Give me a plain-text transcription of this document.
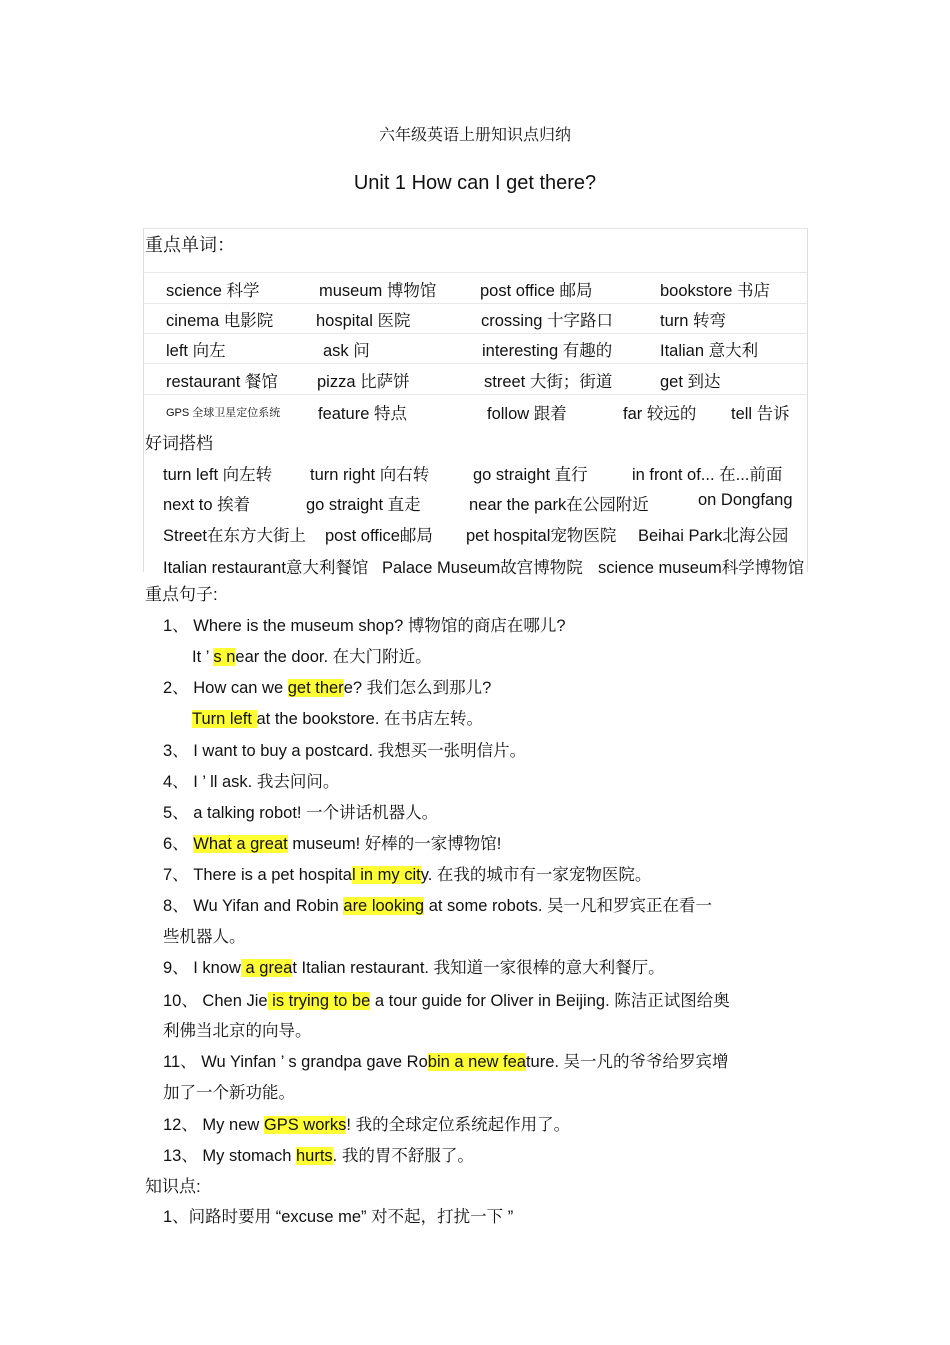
六年级英语上册知识点归纳
Unit 1 How can I get there?
重点单词：
science 科学	museum 博物馆	post office 邮局	bookstore 书店
cinema 电影院	hospital 医院	crossing 十字路口	turn 转弯
left 向左	ask 问	interesting 有趣的	Italian 意大利
restaurant 餐馆 pizza 比萨饼	street 大街；街道	get 到达
GPS 全球卫星定位系统 feature 特点	follow 跟着	far 较远的 tell 告诉
好词搭档
turn left 向左转 turn right 向右转	go straight 直行	in front of... 在...前面
next to 挨着	go straight 直走	near the park在公园附近	on Dongfang
Street在东方大街上 post office邮局 pet hospital宠物医院 Beihai Park北海公园
Italian restaurant意大利餐馆 Palace Museum故宫博物院 science museum科学博物馆
重点句子:
1、 Where is the museum shop? 博物馆的商店在哪儿?
It ’ s near the door. 在大门附近。
2、 How can we get there? 我们怎么到那儿?
Turn left at the bookstore. 在书店左转。
3、 I want to buy a postcard. 我想买一张明信片。
4、 I ’ ll ask. 我去问问。
5、 a talking robot! 一个讲话机器人。
6、 What a great museum! 好棒的一家博物馆!
7、 There is a pet hospital in my city. 在我的城市有一家宠物医院。
8、 Wu Yifan and Robin are looking at some robots. 吴一凡和罗宾正在看一
些机器人。
9、 I know a great Italian restaurant. 我知道一家很棒的意大利餐厅。
10、 Chen Jie is trying to be a tour guide for Oliver in Beijing. 陈洁正试图给奥
利佛当北京的向导。
11、 Wu Yinfan ’ s grandpa gave Robin a new feature. 吴一凡的爷爷给罗宾增
加了一个新功能。
12、 My new GPS works! 我的全球定位系统起作用了。
13、 My stomach hurts. 我的胃不舒服了。
知识点:
1、问路时要用 “excuse me” 对不起，打扰一下 ”
